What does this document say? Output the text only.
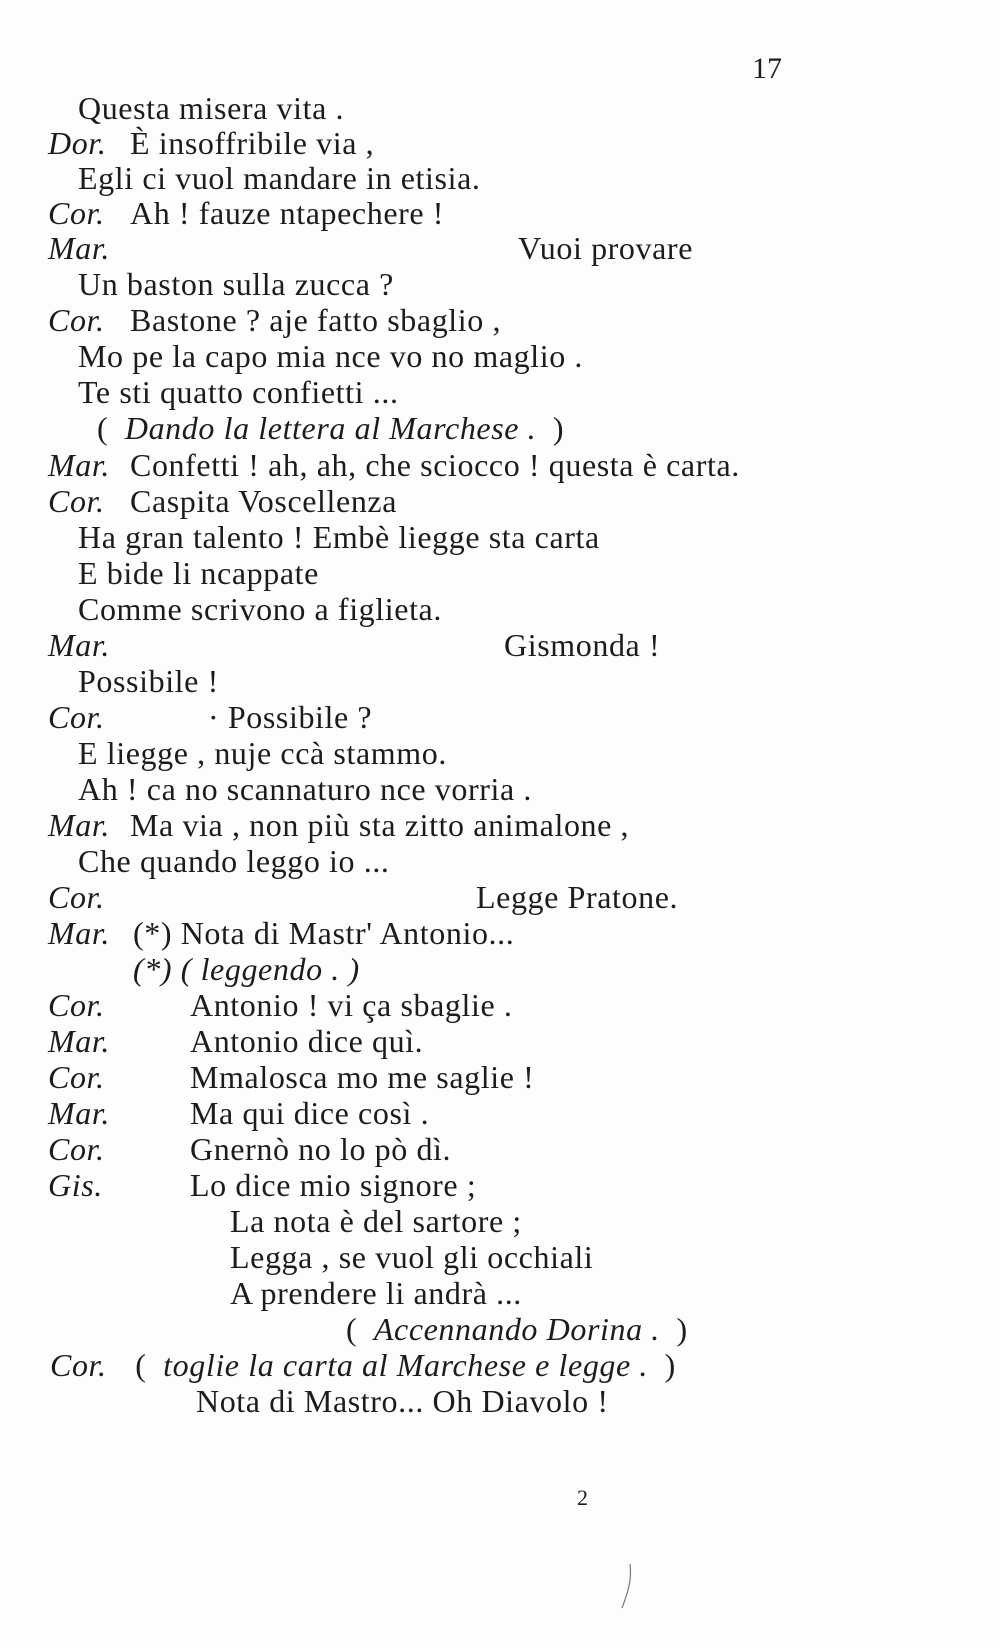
17
Questa misera vita .
Dor. È insoffribile via ,
Egli ci vuol mandare in etisia.
Cor. Ah ! fauze ntapechere !
Mar.	Vuoi provare
Un baston sulla zucca ?
Cor. Bastone ? aje fatto sbaglio ,
Mo pe la capo mia nce vo no maglio .
Te sti quatto confietti ...
( Dando la lettera al Marchese . )
Mar. Confetti ! ah, ah, che sciocco ! questa è carta.
Cor. Caspita Voscellenza
Ha gran talento ! Embè liegge sta carta
E bide li ncappate
Comme scrivono a figlieta.
Mar.	Gismonda !
Possibile !
Cor.	· Possibile ?
E liegge , nuje ccà stammo.
Ah ! ca no scannaturo nce vorria .
Mar. Ma via , non più sta zitto animalone ,
Che quando leggo io ...
Cor.	Legge Pratone.
Mar. (*) Nota di Mastr' Antonio...
(*) ( leggendo . )
Cor.	Antonio ! vi ça sbaglie .
Mar.	Antonio dice quì.
Cor.	Mmalosca mo me saglie !
Mar.	Ma qui dice così .
Cor.	Gnernò no lo pò dì.
Gis.	Lo dice mio signore ;
La nota è del sartore ;
Legga , se vuol gli occhiali
A prendere li andrà ...
( Accennando Dorina . )
Cor. ( toglie la carta al Marchese e legge . )
Nota di Mastro... Oh Diavolo !
2
